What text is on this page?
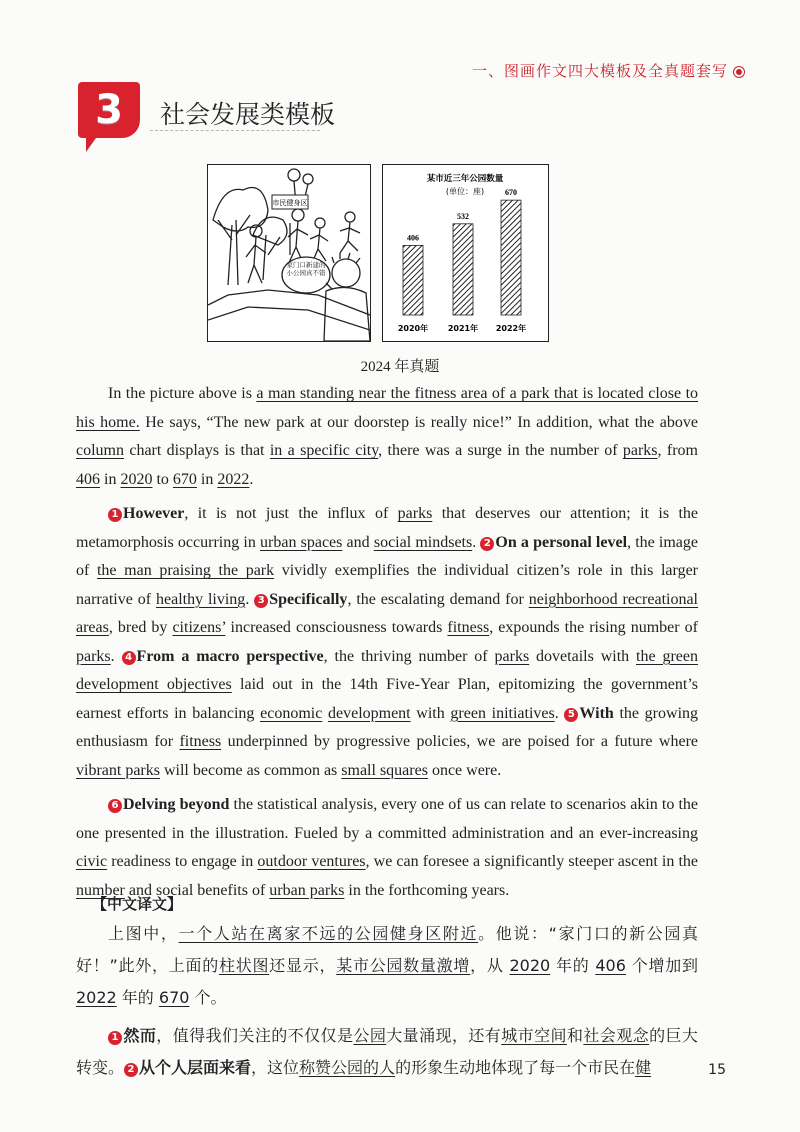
一、图画作文四大模板及全真题套写
3	社会发展类模板
市民健身区
家门口新建的小公园真不错
某市近三年公园数量
(单位：座)
406
2020年
532
2021年
670
2022年
2024 年真题

In the picture above is a man standing near the fitness area of a park that is located close to his home. He says, “The new park at our doorstep is really nice!” In addition, what the above column chart displays is that in a specific city, there was a surge in the number of parks, from 406 in 2020 to 670 in 2022.

1 However, it is not just the influx of parks that deserves our attention; it is the metamorphosis occurring in urban spaces and social mindsets. 2 On a personal level, the image of the man praising the park vividly exemplifies the individual citizen’s role in this larger narrative of healthy living. 3 Specifically, the escalating demand for neighborhood recreational areas, bred by citizens’ increased consciousness towards fitness, expounds the rising number of parks. 4 From a macro perspective, the thriving number of parks dovetails with the green development objectives laid out in the 14th Five-Year Plan, epitomizing the government’s earnest efforts in balancing economic development with green initiatives. 5 With the growing enthusiasm for fitness underpinned by progressive policies, we are poised for a future where vibrant parks will become as common as small squares once were.

6 Delving beyond the statistical analysis, every one of us can relate to scenarios akin to the one presented in the illustration. Fueled by a committed administration and an ever-increasing civic readiness to engage in outdoor ventures, we can foresee a significantly steeper ascent in the number and social benefits of urban parks in the forthcoming years.

【中文译文】

上图中，一个人站在离家不远的公园健身区附近。他说：“家门口的新公园真好！”此外，上面的柱状图还显示，某市公园数量激增，从 2020 年的 406 个增加到 2022 年的 670 个。

1 然而，值得我们关注的不仅仅是公园大量涌现，还有城市空间和社会观念的巨大转变。 2 从个人层面来看，这位称赞公园的人的形象生动地体现了每一个市民在健	15
